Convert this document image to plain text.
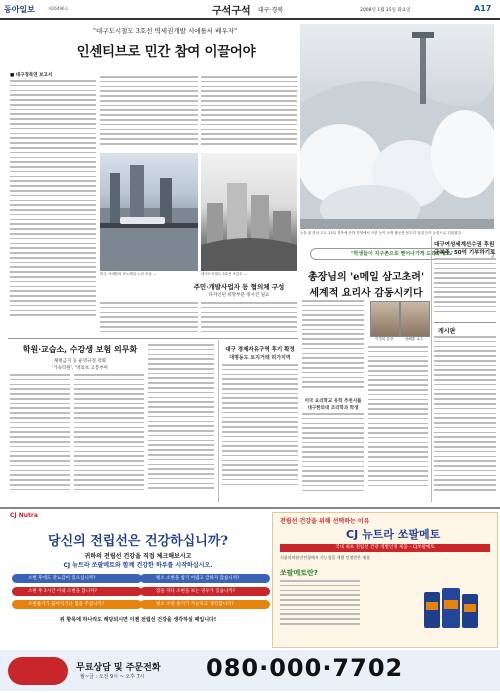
동아일보	제26496호	구석구석 대구·경북	2008년 1월 15일 화요일	A17
"대구도시철도 3호선 역세권개발 시애틀서 배우자"
인센티브로 민간 참여 이끌어야
■ 대구경북연 보고서
미국 시애틀의 모노레일 노선 모습 ...	대구도시철도 3호선 조감도 ...
주민·개발사업자 등 협의체 구성
다자인된 희망부분 정사진 필요
학원·교습소, 수강생 보험 의무화
체벌금지 등 운영규정 강화
'가속학원', '영의보 고봉부여
대구 경제자유구역 후기 확정
대명동도 토지거래 허가지역
눈꽃 핀 한산 고도 13일 경북에 산하 지역에서 시한 눈이 오며 팔공산 봉우리 일대 등이 눈꽃으로 뒤덮였다.
"학생들이 지구촌으로 뻗어나가게 도와주세요"
총장님의 'e메일 삼고초려'
세계적 요리사 감동시키다
이경희 총장	장해훈 교수
미국 요리학교 유학 추천서를
대구한의대 조리학과 학생
대구여성세계선수권 후원
금복주, 50억 기부하기로
게시판
CJ Nutra
당신의 전립선은 건강하십니까?
귀하의 전립선 건강을 직접 체크해보시고
CJ 뉴트라 쏘팔메토와 함께 건강한 하루를 시작하십시오.
소변 후에도 잔뇨감이 있으십니까?	평소 소변을 참기 어렵고 급하지 않습니까?
소변 후 2시간 이내 소변을 봅니까?	잠을 자다 소변을 보는 경우가 있습니까?
소변줄기가 끊어지거나 힘을 주십니까?	평소 소변 줄기가 가늘다고 생각합니까?
위 항목에 하나라도 해당되시면 이젠 전립선 건강을 생각하실 때입니다!
전립선 건강을 위해 선택하는 이유
CJ 뉴트라 쏘팔메토
국내 최초 전립선 건강 개별인정 제품 – CJ쏘팔메토
식품의약품안전청에서 기능성을 개별 인정받은 제품
쏘팔메토란?
무료상담 및 주문전화
월~금 : 오전 9시 ~ 오후 7시	080·000·7702
